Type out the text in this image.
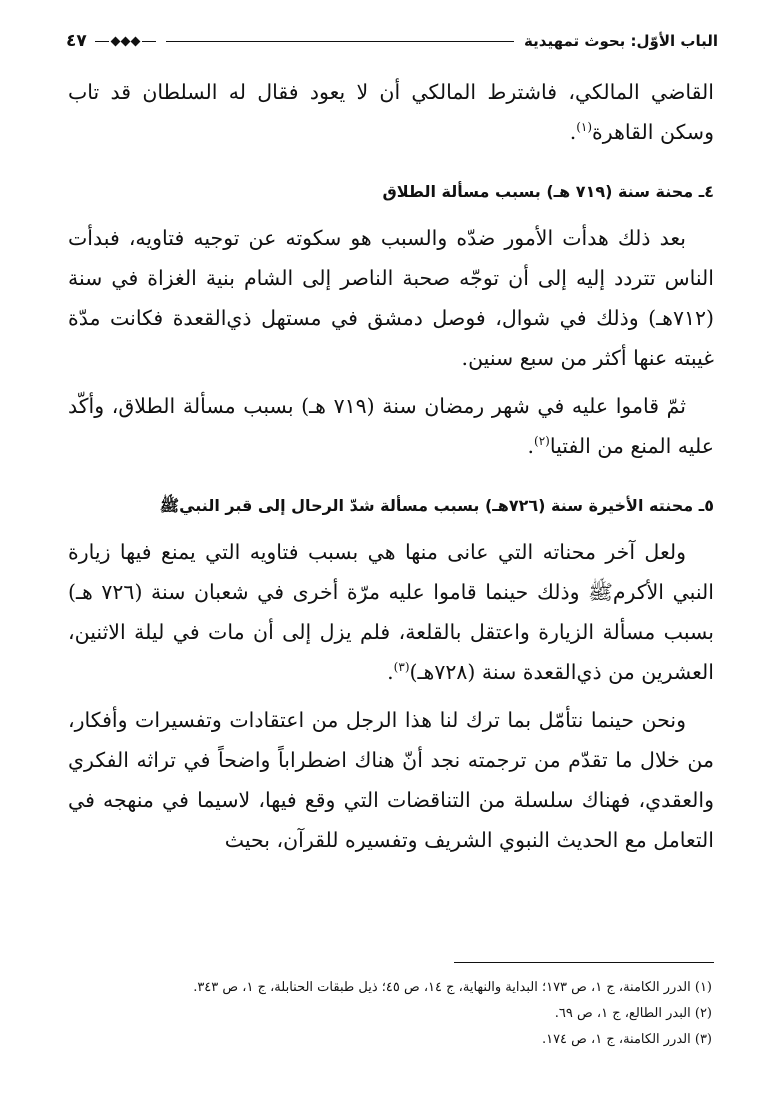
الباب الأوّل: بحوث تمهيدية
٤٧

القاضي المالكي، فاشترط المالكي أن لا يعود فقال له السلطان قد تاب وسكن القاهرة$^{(١)}$.

٤ـ محنة سنة (٧١٩ هـ) بسبب مسألة الطلاق

بعد ذلك هدأت الأمور ضدّه والسبب هو سكوته عن توجيه فتاويه، فبدأت الناس تتردد إليه إلى أن توجّه صحبة الناصر إلى الشام بنية الغزاة في سنة (٧١٢هـ) وذلك في شوال، فوصل دمشق في مستهل ذي‌القعدة فكانت مدّة غيبته عنها أكثر من سبع سنين.

ثمّ قاموا عليه في شهر رمضان سنة (٧١٩ هـ) بسبب مسألة الطلاق، وأكّد عليه المنع من الفتيا$^{(٢)}$.

٥ـ محنته الأخيرة سنة (٧٢٦هـ) بسبب مسألة شدّ الرحال إلى قبر النبيﷺ

ولعل آخر محناته التي عانى منها هي بسبب فتاويه التي يمنع فيها زيارة النبي الأكرمﷺ وذلك حينما قاموا عليه مرّة أخرى في شعبان سنة (٧٢٦ هـ) بسبب مسألة الزيارة واعتقل بالقلعة، فلم يزل إلى أن مات في ليلة الاثنين، العشرين من ذي‌القعدة سنة (٧٢٨هـ)$^{(٣)}$.

ونحن حينما نتأمّل بما ترك لنا هذا الرجل من اعتقادات وتفسيرات وأفكار، من خلال ما تقدّم من ترجمته نجد أنّ هناك اضطراباً واضحاً في تراثه الفكري والعقدي، فهناك سلسلة من التناقضات التي وقع فيها، لاسيما في منهجه في التعامل مع الحديث النبوي الشريف وتفسيره للقرآن، بحيث

(١) الدرر الكامنة، ج ١، ص ١٧٣؛ البداية والنهاية، ج ١٤، ص ٤٥؛ ذيل طبقات الحنابلة، ج ١، ص ٣٤٣.

(٢) البدر الطالع، ج ١، ص ٦٩.

(٣) الدرر الكامنة، ج ١، ص ١٧٤.
